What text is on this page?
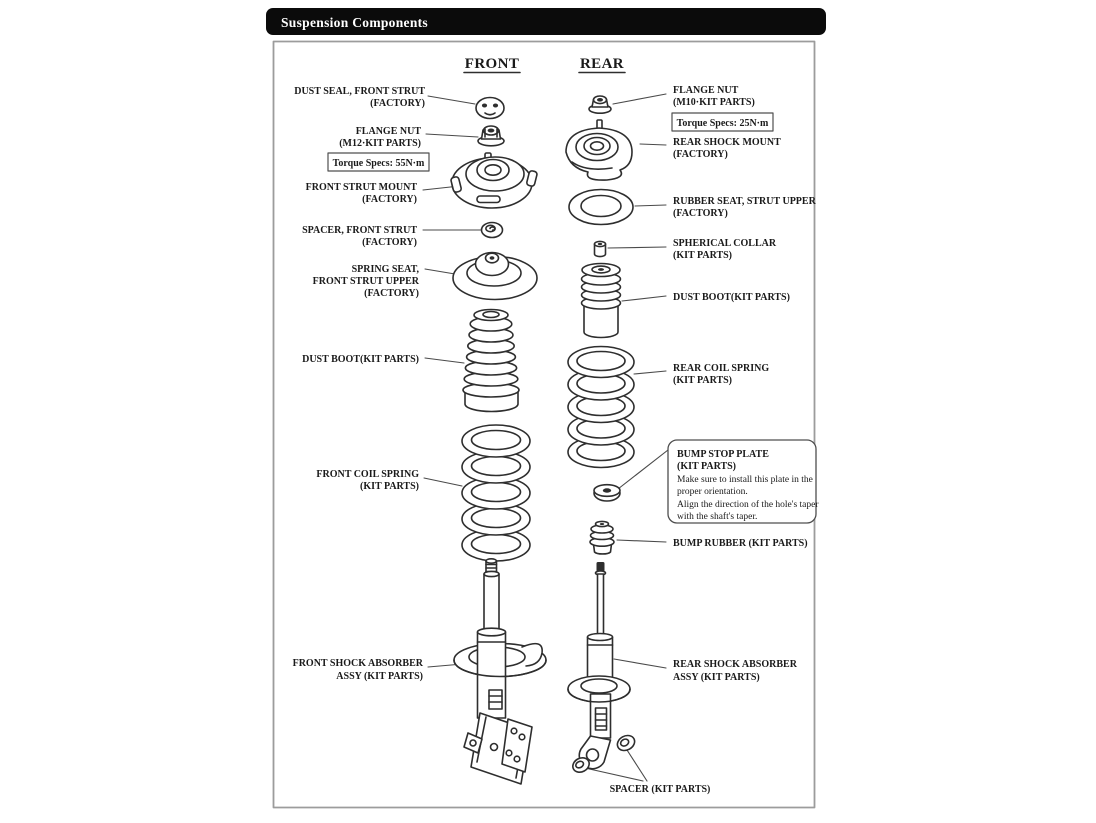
Suspension Components
FRONT	REAR
DUST SEAL, FRONT STRUT
(FACTORY)
FLANGE NUT
(M12·KIT PARTS)
Torque Specs: 55N·m
FRONT STRUT MOUNT
(FACTORY)
SPACER, FRONT STRUT
(FACTORY)
SPRING SEAT,
FRONT STRUT UPPER
(FACTORY)
DUST BOOT(KIT PARTS)
FRONT COIL SPRING
(KIT PARTS)
FRONT SHOCK ABSORBER
ASSY (KIT PARTS)
FLANGE NUT
(M10·KIT PARTS)
Torque Specs: 25N·m
REAR SHOCK MOUNT
(FACTORY)
RUBBER SEAT, STRUT UPPER
(FACTORY)
SPHERICAL COLLAR
(KIT PARTS)
DUST BOOT(KIT PARTS)
REAR COIL SPRING
(KIT PARTS)
BUMP STOP PLATE
(KIT PARTS)
Make sure to install this plate in the
proper orientation.
Align the direction of the hole's taper
with the shaft's taper.
BUMP RUBBER (KIT PARTS)
REAR SHOCK ABSORBER
ASSY (KIT PARTS)
SPACER (KIT PARTS)
